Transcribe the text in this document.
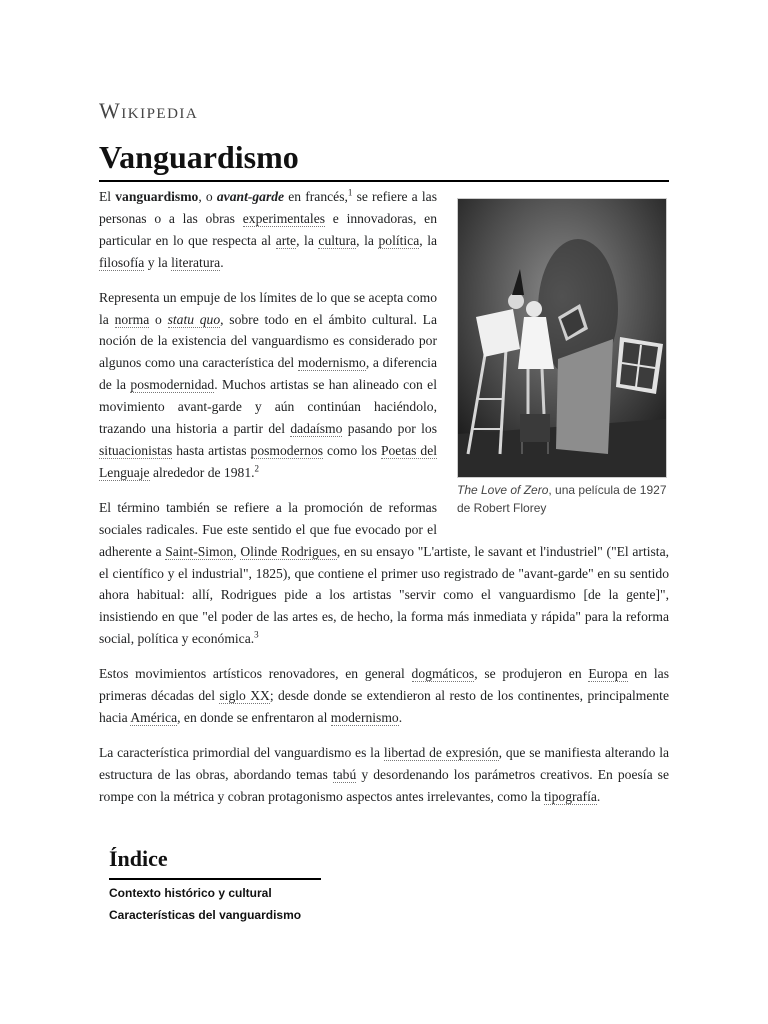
Wikipedia
Vanguardismo
The Love of Zero, una película de 1927 de Robert Florey

El vanguardismo, o avant-garde en francés,$^1$ se refiere a las personas o a las obras experimentales e innovadoras, en particular en lo que respecta al arte, la cultura, la política, la filosofía y la literatura.

Representa un empuje de los límites de lo que se acepta como la norma o statu quo, sobre todo en el ámbito cultural. La noción de la existencia del vanguardismo es considerado por algunos como una característica del modernismo, a diferencia de la posmodernidad. Muchos artistas se han alineado con el movimiento avant-garde y aún continúan haciéndolo, trazando una historia a partir del dadaísmo pasando por los situacionistas hasta artistas posmodernos como los Poetas del Lenguaje alrededor de 1981.$^2$

El término también se refiere a la promoción de reformas sociales radicales. Fue este sentido el que fue evocado por el adherente a Saint-Simon, Olinde Rodrigues, en su ensayo "L'artiste, le savant et l'industriel" ("El artista, el científico y el industrial", 1825), que contiene el primer uso registrado de "avant-garde" en su sentido ahora habitual: allí, Rodrigues pide a los artistas "servir como el vanguardismo [de la gente]", insistiendo en que "el poder de las artes es, de hecho, la forma más inmediata y rápida" para la reforma social, política y económica.$^3$

Estos movimientos artísticos renovadores, en general dogmáticos, se produjeron en Europa en las primeras décadas del siglo XX; desde donde se extendieron al resto de los continentes, principalmente hacia América, en donde se enfrentaron al modernismo.

La característica primordial del vanguardismo es la libertad de expresión, que se manifiesta alterando la estructura de las obras, abordando temas tabú y desordenando los parámetros creativos. En poesía se rompe con la métrica y cobran protagonismo aspectos antes irrelevantes, como la tipografía.

Índice
Contexto histórico y cultural
Características del vanguardismo
